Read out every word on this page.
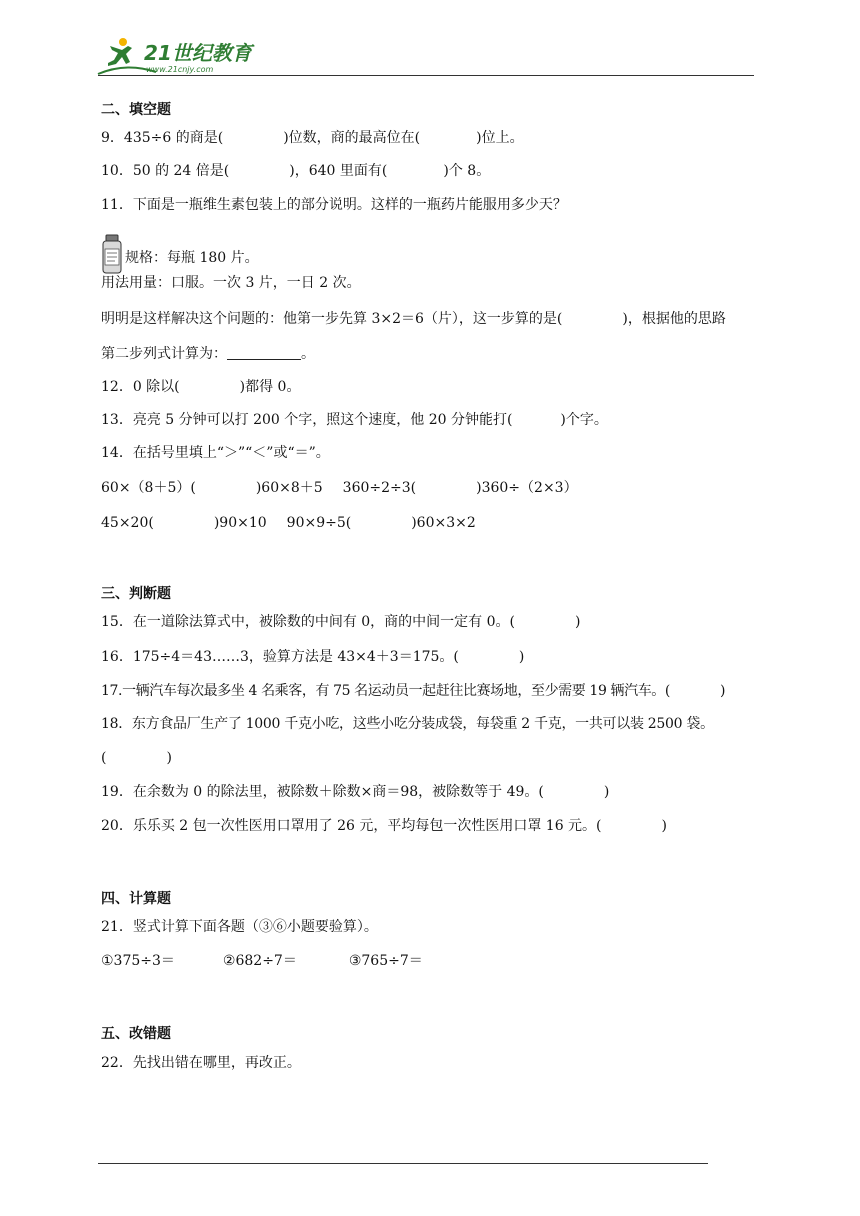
21世纪教育
www.21cnjy.com
二、填空题
9．435÷6 的商是(	)位数，商的最高位在(	)位上。
10．50 的 24 倍是(	)，640 里面有(	)个 8。
11．下面是一瓶维生素包装上的部分说明。这样的一瓶药片能服用多少天？
规格：每瓶 180 片。
用法用量：口服。一次 3 片，一日 2 次。
明明是这样解决这个问题的：他第一步先算 3×2＝6（片），这一步算的是(	)，根据他的思路
第二步列式计算为：	。
12．0 除以(	)都得 0。
13．亮亮 5 分钟可以打 200 个字，照这个速度，他 20 分钟能打(	)个字。
14．在括号里填上“＞”“＜”或“＝”。
60×（8＋5）(	)60×8＋5 360÷2÷3(	)360÷（2×3）
45×20(	)90×10 90×9÷5(	)60×3×2
三、判断题
15．在一道除法算式中，被除数的中间有 0，商的中间一定有 0。(	)
16．175÷4＝43……3，验算方法是 43×4＋3＝175。(	)
17.一辆汽车每次最多坐 4 名乘客，有 75 名运动员一起赶往比赛场地，至少需要 19 辆汽车。(	)
18．东方食品厂生产了 1000 千克小吃，这些小吃分装成袋，每袋重 2 千克，一共可以装 2500 袋。
(	)
19．在余数为 0 的除法里，被除数＋除数×商＝98，被除数等于 49。(	)
20．乐乐买 2 包一次性医用口罩用了 26 元，平均每包一次性医用口罩 16 元。(	)
四、计算题
21．竖式计算下面各题（③⑥小题要验算）。
①375÷3＝	②682÷7＝	③765÷7＝
五、改错题
22．先找出错在哪里，再改正。
